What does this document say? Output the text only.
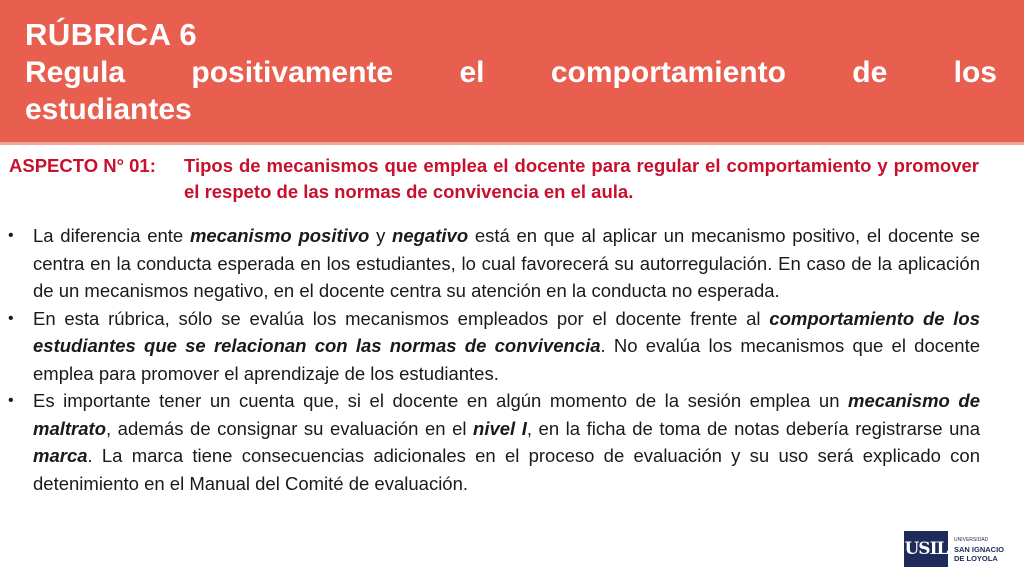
RÚBRICA 6
Regula positivamente el comportamiento de los
estudiantes
ASPECTO N° 01: Tipos de mecanismos que emplea el docente para regular el comportamiento y promover el respeto de las normas de convivencia en el aula.
• La diferencia ente mecanismo positivo y negativo está en que al aplicar un mecanismo positivo, el docente se centra en la conducta esperada en los estudiantes, lo cual favorecerá su autorregulación. En caso de la aplicación de un mecanismos negativo, en el docente centra su atención en la conducta no esperada.
• En esta rúbrica, sólo se evalúa los mecanismos empleados por el docente frente al comportamiento de los estudiantes que se relacionan con las normas de convivencia. No evalúa los mecanismos que el docente emplea para promover el aprendizaje de los estudiantes.
• Es importante tener un cuenta que, si el docente en algún momento de la sesión emplea un mecanismo de maltrato, además de consignar su evaluación en el nivel I, en la ficha de toma de notas debería registrarse una marca. La marca tiene consecuencias adicionales en el proceso de evaluación y su uso será explicado con detenimiento en el Manual del Comité de evaluación.
USIL UNIVERSIDAD
SAN IGNACIO
DE LOYOLA
